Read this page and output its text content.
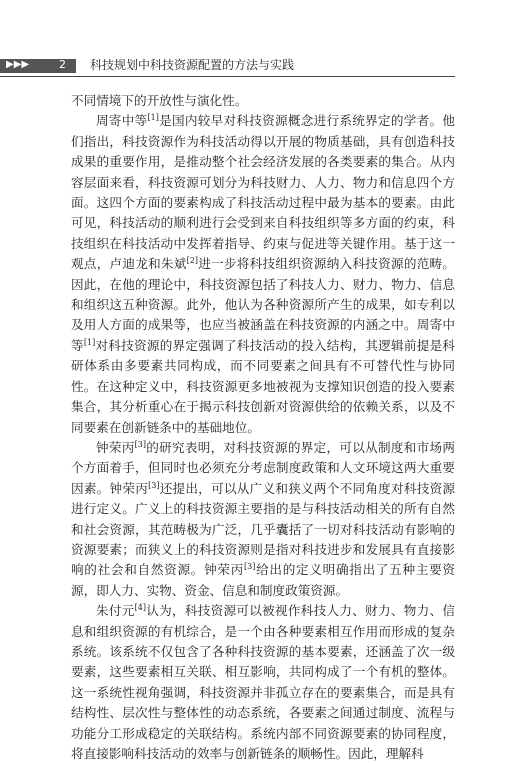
▶▶▶	2 科技规划中科技资源配置的方法与实践

不同情境下的开放性与演化性。

周寄中等[1]是国内较早对科技资源概念进行系统界定的学者。他们指出，科技资源作为科技活动得以开展的物质基础，具有创造科技成果的重要作用，是推动整个社会经济发展的各类要素的集合。从内容层面来看，科技资源可划分为科技财力、人力、物力和信息四个方面。这四个方面的要素构成了科技活动过程中最为基本的要素。由此可见，科技活动的顺利进行会受到来自科技组织等多方面的约束，科技组织在科技活动中发挥着指导、约束与促进等关键作用。基于这一观点，卢迪龙和朱斌[2]进一步将科技组织资源纳入科技资源的范畴。因此，在他的理论中，科技资源包括了科技人力、财力、物力、信息和组织这五种资源。此外，他认为各种资源所产生的成果，如专利以及用人方面的成果等，也应当被涵盖在科技资源的内涵之中。周寄中等[1]对科技资源的界定强调了科技活动的投入结构，其逻辑前提是科研体系由多要素共同构成，而不同要素之间具有不可替代性与协同性。在这种定义中，科技资源更多地被视为支撑知识创造的投入要素集合，其分析重心在于揭示科技创新对资源供给的依赖关系，以及不同要素在创新链条中的基础地位。

钟荣丙[3]的研究表明，对科技资源的界定，可以从制度和市场两个方面着手，但同时也必须充分考虑制度政策和人文环境这两大重要因素。钟荣丙[3]还提出，可以从广义和狭义两个不同角度对科技资源进行定义。广义上的科技资源主要指的是与科技活动相关的所有自然和社会资源，其范畴极为广泛，几乎囊括了一切对科技活动有影响的资源要素；而狭义上的科技资源则是指对科技进步和发展具有直接影响的社会和自然资源。钟荣丙[3]给出的定义明确指出了五种主要资源，即人力、实物、资金、信息和制度政策资源。

朱付元[4]认为，科技资源可以被视作科技人力、财力、物力、信息和组织资源的有机综合，是一个由各种要素相互作用而形成的复杂系统。该系统不仅包含了各种科技资源的基本要素，还涵盖了次一级要素，这些要素相互关联、相互影响，共同构成了一个有机的整体。这一系统性视角强调，科技资源并非孤立存在的要素集合，而是具有结构性、层次性与整体性的动态系统，各要素之间通过制度、流程与功能分工形成稳定的关联结构。系统内部不同资源要素的协同程度，将直接影响科技活动的效率与创新链条的顺畅性。因此，理解科
